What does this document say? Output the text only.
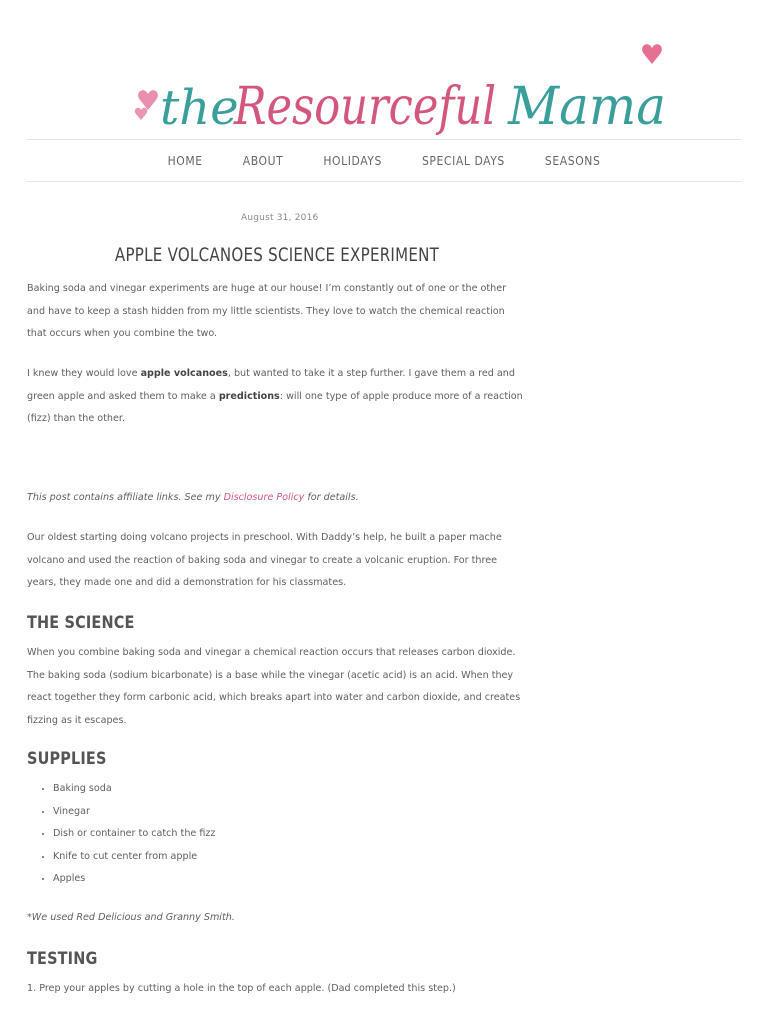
the
Resourceful Mama
HOME	ABOUT	HOLIDAYS	SPECIAL DAYS	SEASONS
August 31, 2016
APPLE VOLCANOES SCIENCE EXPERIMENT

Baking soda and vinegar experiments are huge at our house! I’m constantly out of one or the other and have to keep a stash hidden from my little scientists. They love to watch the chemical reaction that occurs when you combine the two.

I knew they would love apple volcanoes, but wanted to take it a step further. I gave them a red and green apple and asked them to make a predictions: will one type of apple produce more of a reaction (fizz) than the other.

This post contains affiliate links. See my Disclosure Policy for details.

Our oldest starting doing volcano projects in preschool. With Daddy’s help, he built a paper mache volcano and used the reaction of baking soda and vinegar to create a volcanic eruption. For three years, they made one and did a demonstration for his classmates.

THE SCIENCE

When you combine baking soda and vinegar a chemical reaction occurs that releases carbon dioxide. The baking soda (sodium bicarbonate) is a base while the vinegar (acetic acid) is an acid. When they react together they form carbonic acid, which breaks apart into water and carbon dioxide, and creates fizzing as it escapes.

SUPPLIES
• Baking soda
• Vinegar
• Dish or container to catch the fizz
• Knife to cut center from apple
• Apples

*We used Red Delicious and Granny Smith.

TESTING

1. Prep your apples by cutting a hole in the top of each apple. (Dad completed this step.)
